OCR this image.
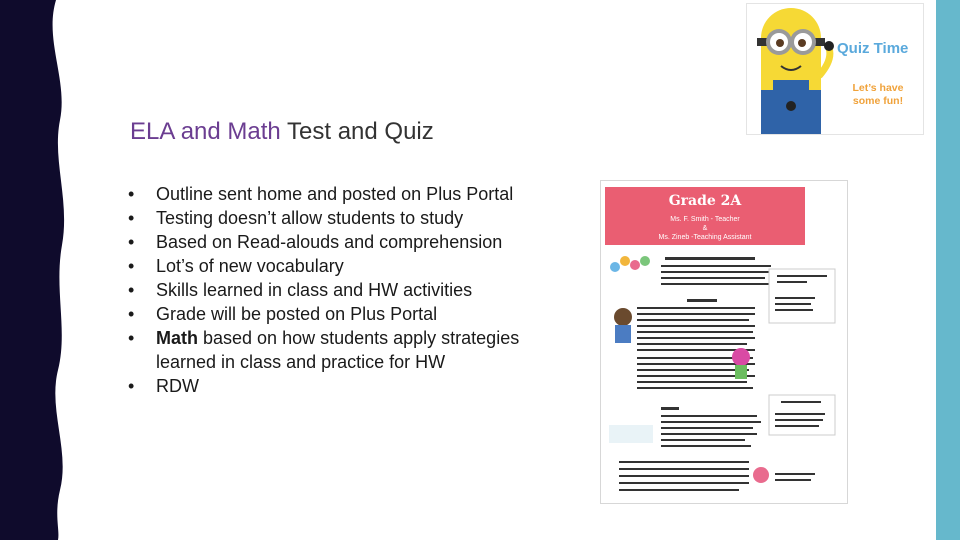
ELA and Math Test and Quiz
•	Outline sent home and posted on Plus Portal
•	Testing doesn’t allow students to study
•	Based on Read-alouds and comprehension
•	Lot’s of new vocabulary
•	Skills learned in class and HW activities
•	Grade will be posted on Plus Portal
•	Math based on how students apply strategies learned in class and practice for HW
•	RDW
Quiz Time
Let’s have some fun!
Grade 2A
Ms. F. Smith - Teacher
&
Ms. Zineb -Teaching Assistant
